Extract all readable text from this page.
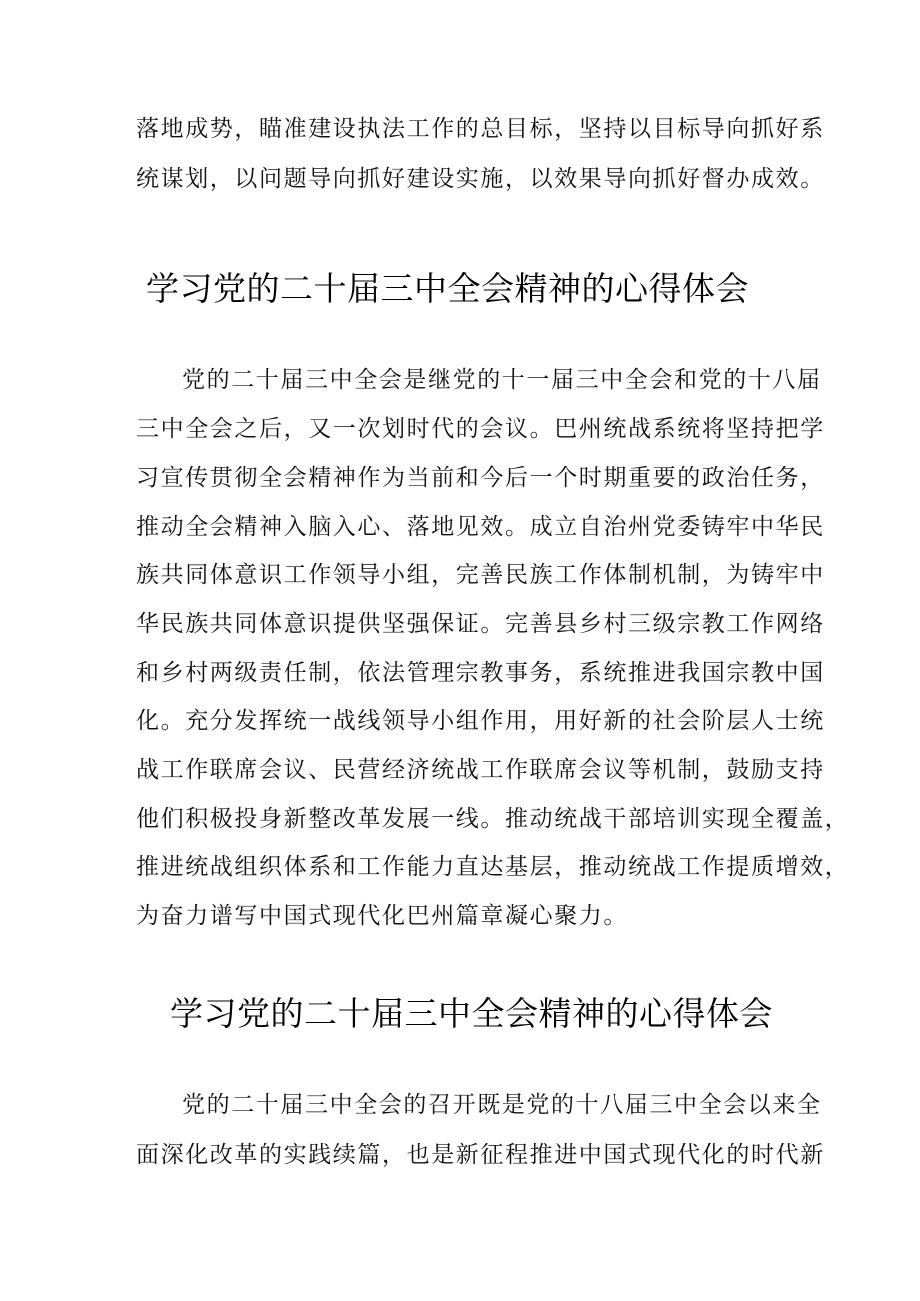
落地成势，瞄准建设执法工作的总目标，坚持以目标导向抓好系
统谋划，以问题导向抓好建设实施，以效果导向抓好督办成效。
学习党的二十届三中全会精神的心得体会
党的二十届三中全会是继党的十一届三中全会和党的十八届
三中全会之后，又一次划时代的会议。巴州统战系统将坚持把学
习宣传贯彻全会精神作为当前和今后一个时期重要的政治任务，
推动全会精神入脑入心、落地见效。成立自治州党委铸牢中华民
族共同体意识工作领导小组，完善民族工作体制机制，为铸牢中
华民族共同体意识提供坚强保证。完善县乡村三级宗教工作网络
和乡村两级责任制，依法管理宗教事务，系统推进我国宗教中国
化。充分发挥统一战线领导小组作用，用好新的社会阶层人士统
战工作联席会议、民营经济统战工作联席会议等机制，鼓励支持
他们积极投身新整改革发展一线。推动统战干部培训实现全覆盖，
推进统战组织体系和工作能力直达基层，推动统战工作提质增效，
为奋力谱写中国式现代化巴州篇章凝心聚力。
学习党的二十届三中全会精神的心得体会
党的二十届三中全会的召开既是党的十八届三中全会以来全
面深化改革的实践续篇，也是新征程推进中国式现代化的时代新
